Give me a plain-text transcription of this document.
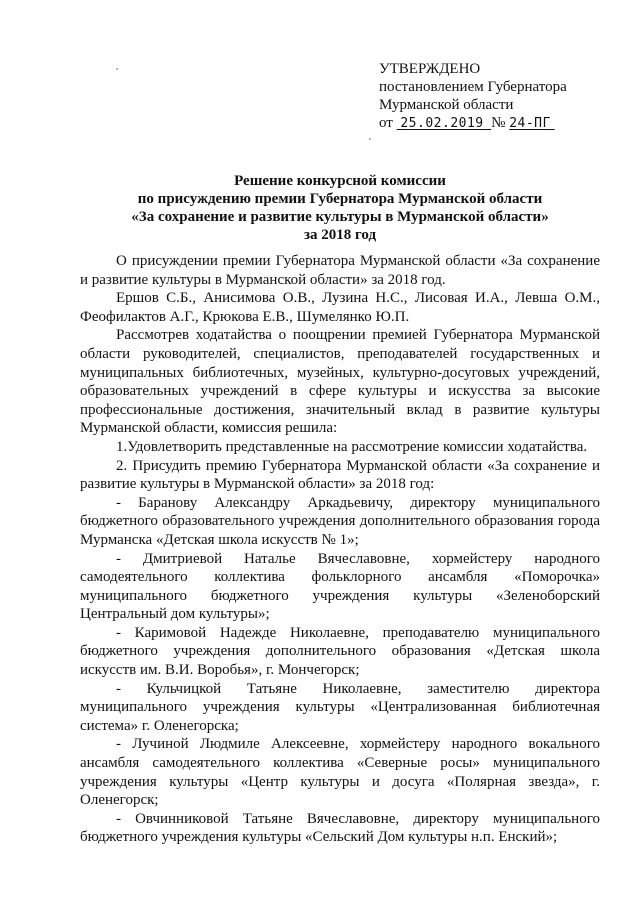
УТВЕРЖДЕНО
постановлением Губернатора
Мурманской области
от 25.02.2019 № 24-ПГ
Решение конкурсной комиссии
по присуждению премии Губернатора Мурманской области
«За сохранение и развитие культуры в Мурманской области»
за 2018 год

О присуждении премии Губернатора Мурманской области «За сохранение и развитие культуры в Мурманской области» за 2018 год.

Ершов С.Б., Анисимова О.В., Лузина Н.С., Лисовая И.А., Левша О.М., Феофилактов А.Г., Крюкова Е.В., Шумелянко Ю.П.

Рассмотрев ходатайства о поощрении премией Губернатора Мурманской области руководителей, специалистов, преподавателей государственных и муниципальных библиотечных, музейных, культурно-досуговых учреждений, образовательных учреждений в сфере культуры и искусства за высокие профессиональные достижения, значительный вклад в развитие культуры Мурманской области, комиссия решила:

1.Удовлетворить представленные на рассмотрение комиссии ходатайства.

2. Присудить премию Губернатора Мурманской области «За сохранение и развитие культуры в Мурманской области» за 2018 год:

- Баранову Александру Аркадьевичу, директору муниципального бюджетного образовательного учреждения дополнительного образования города Мурманска «Детская школа искусств № 1»;

- Дмитриевой Наталье Вячеславовне, хормейстеру народного самодеятельного коллектива фольклорного ансамбля «Поморочка» муниципального бюджетного учреждения культуры «Зеленоборский Центральный дом культуры»;

- Каримовой Надежде Николаевне, преподавателю муниципального бюджетного учреждения дополнительного образования «Детская школа искусств им. В.И. Воробья», г. Мончегорск;

- Кульчицкой Татьяне Николаевне, заместителю директора муниципального учреждения культуры «Централизованная библиотечная система» г. Оленегорска;

- Лучиной Людмиле Алексеевне, хормейстеру народного вокального ансамбля самодеятельного коллектива «Северные росы» муниципального учреждения культуры «Центр культуры и досуга «Полярная звезда», г. Оленегорск;

- Овчинниковой Татьяне Вячеславовне, директору муниципального бюджетного учреждения культуры «Сельский Дом культуры н.п. Енский»;
